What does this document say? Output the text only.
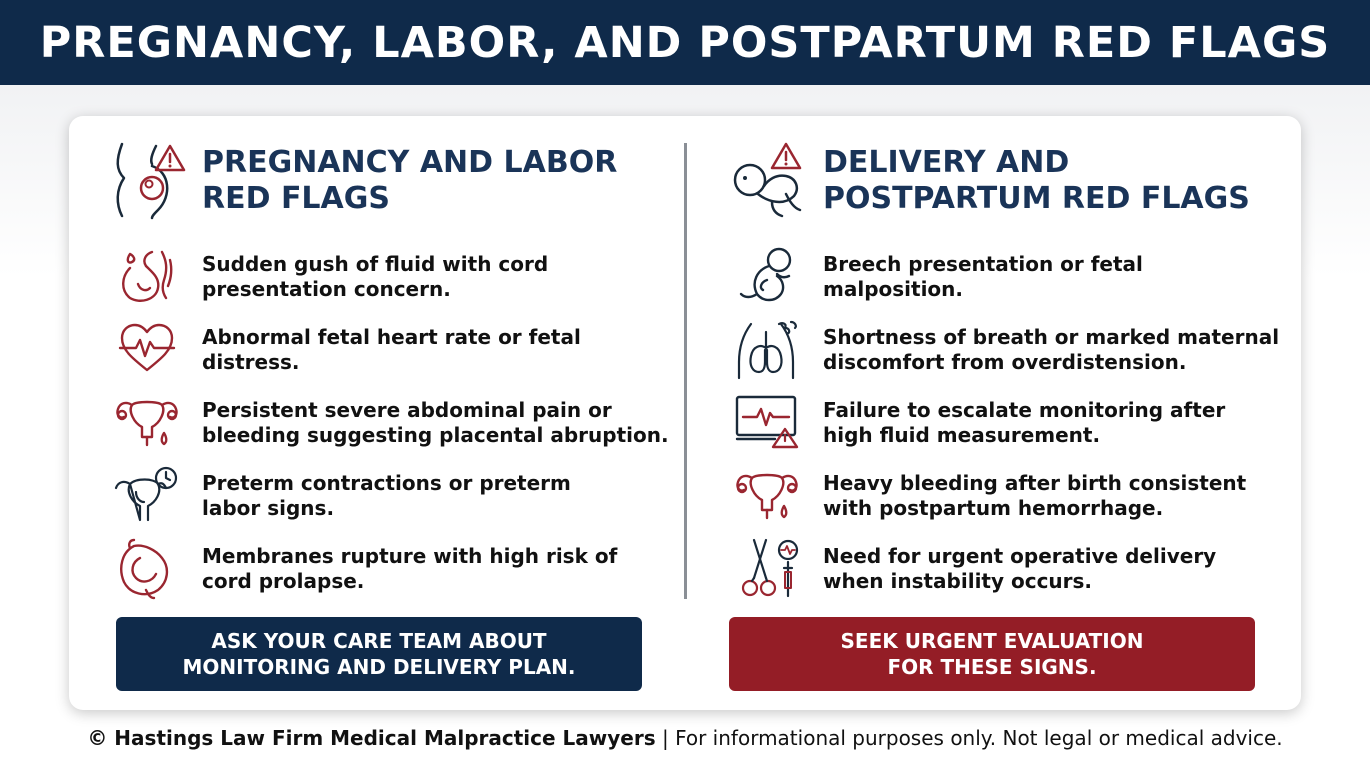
PREGNANCY, LABOR, AND POSTPARTUM RED FLAGS
PREGNANCY AND LABOR
RED FLAGS
Sudden gush of fluid with cord
presentation concern.
Abnormal fetal heart rate or fetal
distress.
Persistent severe abdominal pain or
bleeding suggesting placental abruption.
Preterm contractions or preterm
labor signs.
Membranes rupture with high risk of
cord prolapse.
ASK YOUR CARE TEAM ABOUT
MONITORING AND DELIVERY PLAN.
DELIVERY AND
POSTPARTUM RED FLAGS
Breech presentation or fetal
malposition.
Shortness of breath or marked maternal
discomfort from overdistension.
Failure to escalate monitoring after
high fluid measurement.
Heavy bleeding after birth consistent
with postpartum hemorrhage.
Need for urgent operative delivery
when instability occurs.
SEEK URGENT EVALUATION
FOR THESE SIGNS.
© Hastings Law Firm Medical Malpractice Lawyers | For informational purposes only. Not legal or medical advice.
